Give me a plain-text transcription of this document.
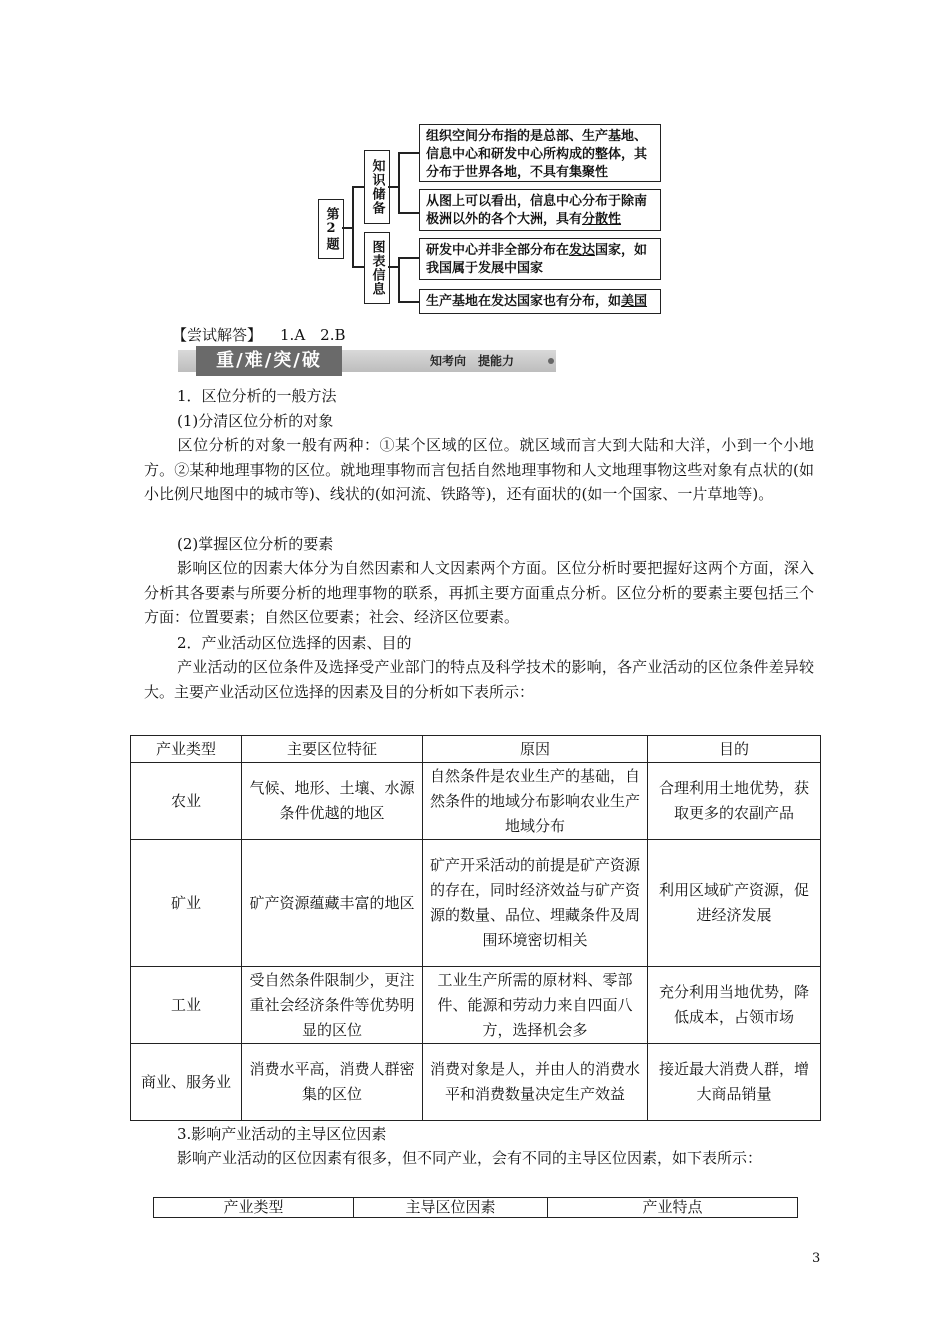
第2题
知识储备
图表信息
组织空间分布指的是总部、生产基地、信息中心和研发中心所构成的整体，其分布于世界各地，不具有集聚性
从图上可以看出，信息中心分布于除南极洲以外的各个大洲，具有分散性
研发中心并非全部分布在发达国家，如我国属于发展中国家
生产基地在发达国家也有分布，如美国
【尝试解答】 1.A　2.B
重/难/突/破	知考向　提能力
1．区位分析的一般方法
(1)分清区位分析的对象
区位分析的对象一般有两种：①某个区域的区位。就区域而言大到大陆和大洋，小到一个小地方。②某种地理事物的区位。就地理事物而言包括自然地理事物和人文地理事物这些对象有点状的(如小比例尺地图中的城市等)、线状的(如河流、铁路等)，还有面状的(如一个国家、一片草地等)。
(2)掌握区位分析的要素
影响区位的因素大体分为自然因素和人文因素两个方面。区位分析时要把握好这两个方面，深入分析其各要素与所要分析的地理事物的联系，再抓主要方面重点分析。区位分析的要素主要包括三个方面：位置要素；自然区位要素；社会、经济区位要素。
2．产业活动区位选择的因素、目的
产业活动的区位条件及选择受产业部门的特点及科学技术的影响，各产业活动的区位条件差异较大。主要产业活动区位选择的因素及目的分析如下表所示：
产业类型	主要区位特征	原因	目的
农业	气候、地形、土壤、水源条件优越的地区	自然条件是农业生产的基础，自然条件的地域分布影响农业生产地域分布	合理利用土地优势，获取更多的农副产品
矿业	矿产资源蕴藏丰富的地区	矿产开采活动的前提是矿产资源的存在，同时经济效益与矿产资源的数量、品位、埋藏条件及周围环境密切相关	利用区域矿产资源，促进经济发展
工业	受自然条件限制少，更注重社会经济条件等优势明显的区位	工业生产所需的原材料、零部件、能源和劳动力来自四面八方，选择机会多	充分利用当地优势，降低成本，占领市场
商业、服务业	消费水平高，消费人群密集的区位	消费对象是人，并由人的消费水平和消费数量决定生产效益	接近最大消费人群，增大商品销量
3.影响产业活动的主导区位因素
影响产业活动的区位因素有很多，但不同产业，会有不同的主导区位因素，如下表所示：
产业类型	主导区位因素	产业特点
3
